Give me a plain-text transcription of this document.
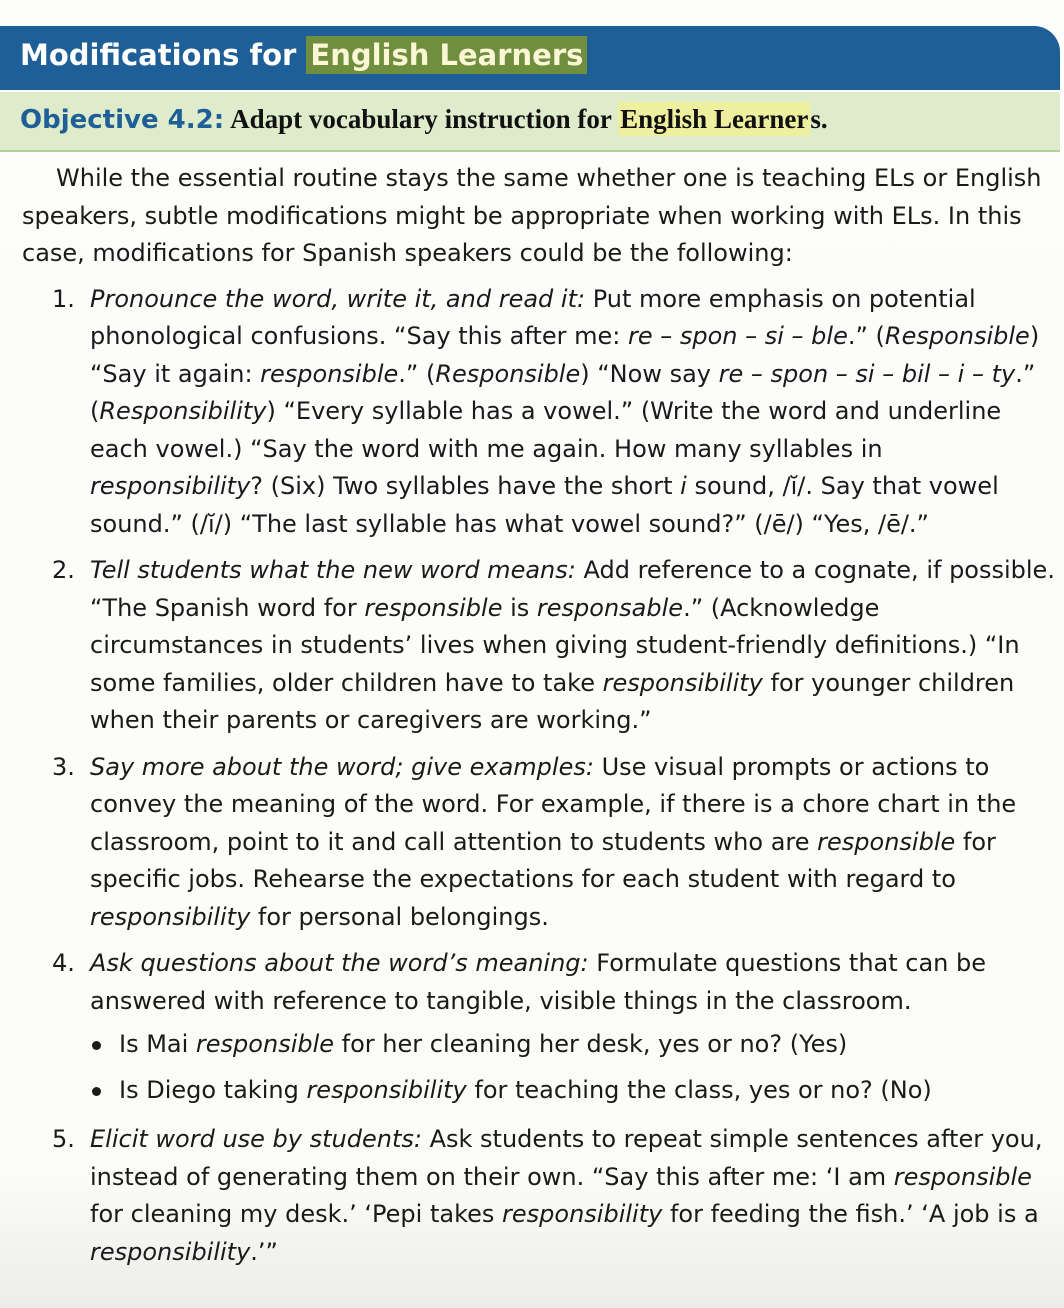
Modifications for English Learners
Objective 4.2: Adapt vocabulary instruction for English Learners.

While the essential routine stays the same whether one is teaching ELs or English speakers, subtle modifications might be appropriate when working with ELs. In this case, modifications for Spanish speakers could be the following:

1. Pronounce the word, write it, and read it: Put more emphasis on potential phonological confusions. “Say this after me: re – spon – si – ble.” (Responsible) “Say it again: responsible.” (Responsible) “Now say re – spon – si – bil – i – ty.” (Responsibility) “Every syllable has a vowel.” (Write the word and underline each vowel.) “Say the word with me again. How many syllables in responsibility? (Six) Two syllables have the short i sound, /ĭ/. Say that vowel sound.” (/ĭ/) “The last syllable has what vowel sound?” (/ē/) “Yes, /ē/.”
2. Tell students what the new word means: Add reference to a cognate, if possible. “The Spanish word for responsible is responsable.” (Acknowledge circumstances in students’ lives when giving student-friendly definitions.) “In some families, older children have to take responsibility for younger children when their parents or caregivers are working.”
3. Say more about the word; give examples: Use visual prompts or actions to convey the meaning of the word. For example, if there is a chore chart in the classroom, point to it and call attention to students who are responsible for specific jobs. Rehearse the expectations for each student with regard to responsibility for personal belongings.
4. Ask questions about the word’s meaning: Formulate questions that can be answered with reference to tangible, visible things in the classroom.
Is Mai responsible for her cleaning her desk, yes or no? (Yes)
Is Diego taking responsibility for teaching the class, yes or no? (No)
5. Elicit word use by students: Ask students to repeat simple sentences after you, instead of generating them on their own. “Say this after me: ‘I am responsible for cleaning my desk.’ ‘Pepi takes responsibility for feeding the fish.’ ‘A job is a responsibility.’”
